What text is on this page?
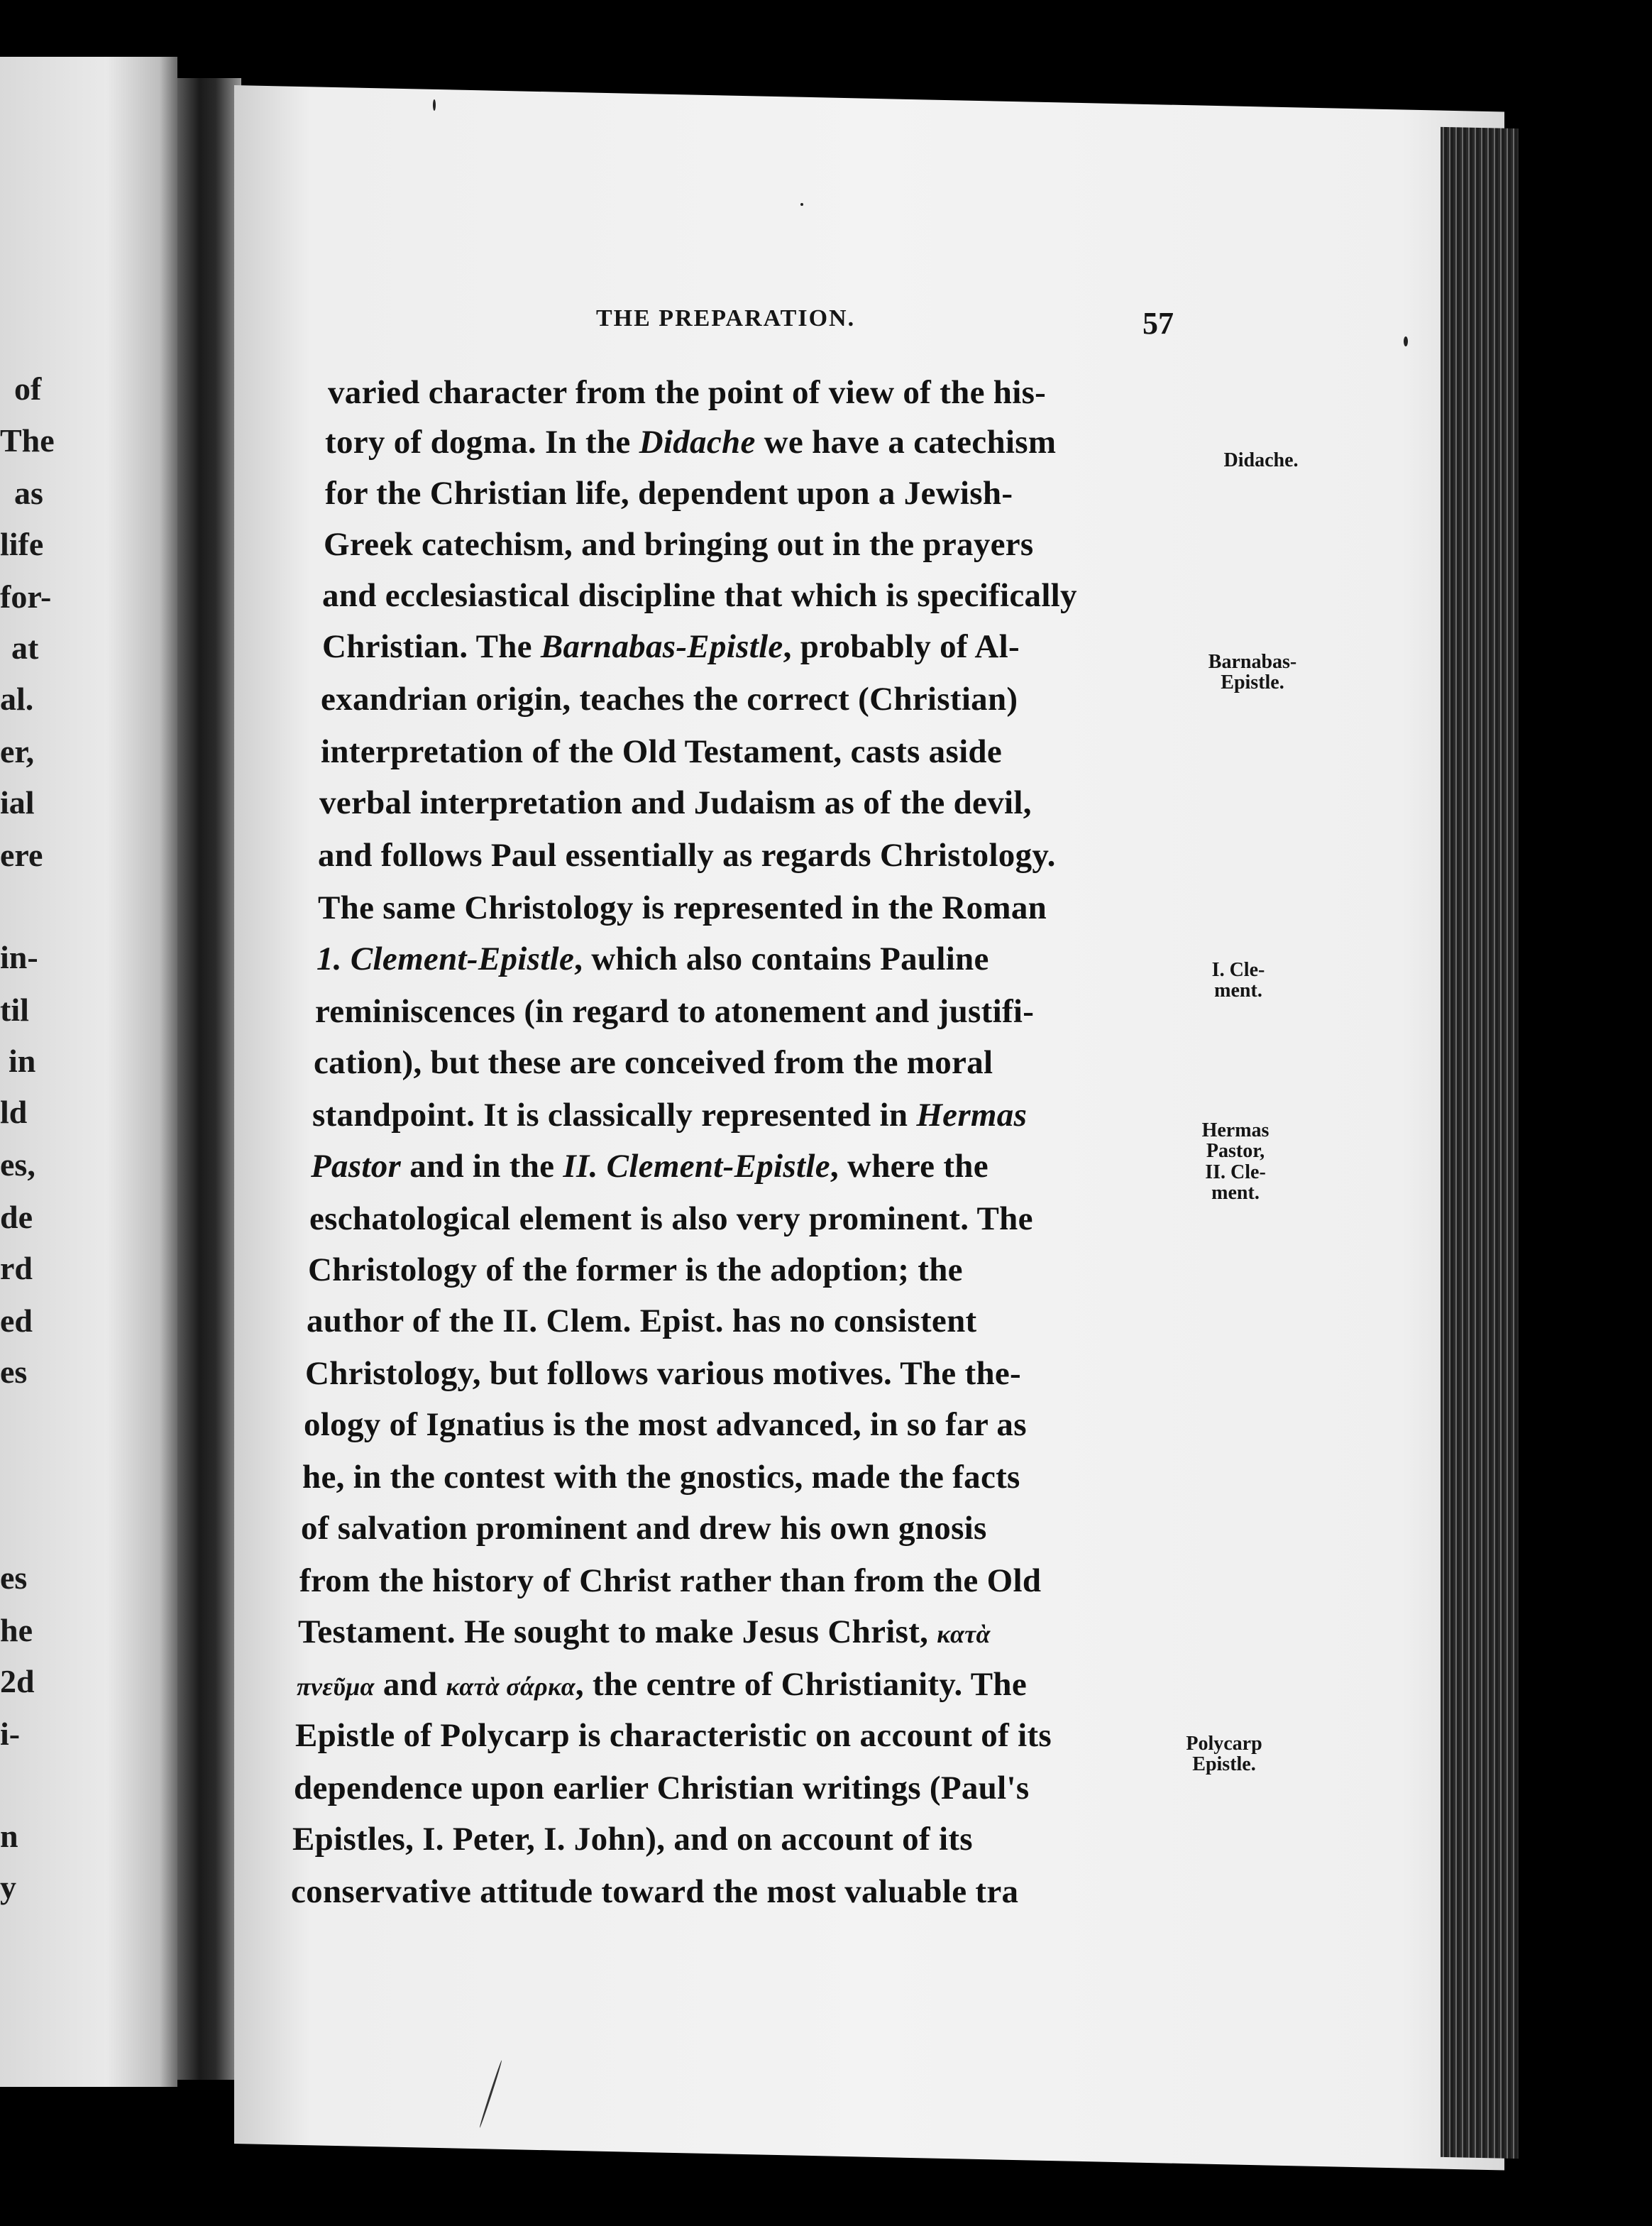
of
The
as
life
for-
at
al.
er,
ial
ere
in-
til
in
ld
es,
de
rd
ed
es
es
he
2d
i-
n
y
THE PREPARATION.	57
varied character from the point of view of the his-
tory of dogma. In the Didache we have a catechism
for the Christian life, dependent upon a Jewish-
Greek catechism, and bringing out in the prayers
and ecclesiastical discipline that which is specifically
Christian. The Barnabas-Epistle, probably of Al-
exandrian origin, teaches the correct (Christian)
interpretation of the Old Testament, casts aside
verbal interpretation and Judaism as of the devil,
and follows Paul essentially as regards Christology.
The same Christology is represented in the Roman
1. Clement-Epistle, which also contains Pauline
reminiscences (in regard to atonement and justifi-
cation), but these are conceived from the moral
standpoint. It is classically represented in Hermas
Pastor and in the II. Clement-Epistle, where the
eschatological element is also very prominent. The
Christology of the former is the adoption; the
author of the II. Clem. Epist. has no consistent
Christology, but follows various motives. The the-
ology of Ignatius is the most advanced, in so far as
he, in the contest with the gnostics, made the facts
of salvation prominent and drew his own gnosis
from the history of Christ rather than from the Old
Testament. He sought to make Jesus Christ, κατὰ
πνεῦμα and κατὰ σάρκα, the centre of Christianity. The
Epistle of Polycarp is characteristic on account of its
dependence upon earlier Christian writings (Paul's
Epistles, I. Peter, I. John), and on account of its
conservative attitude toward the most valuable tra
Didache.
Barnabas-
Epistle.
I. Cle-
ment.
Hermas
Pastor,
II. Cle-
ment.
Polycarp
Epistle.
